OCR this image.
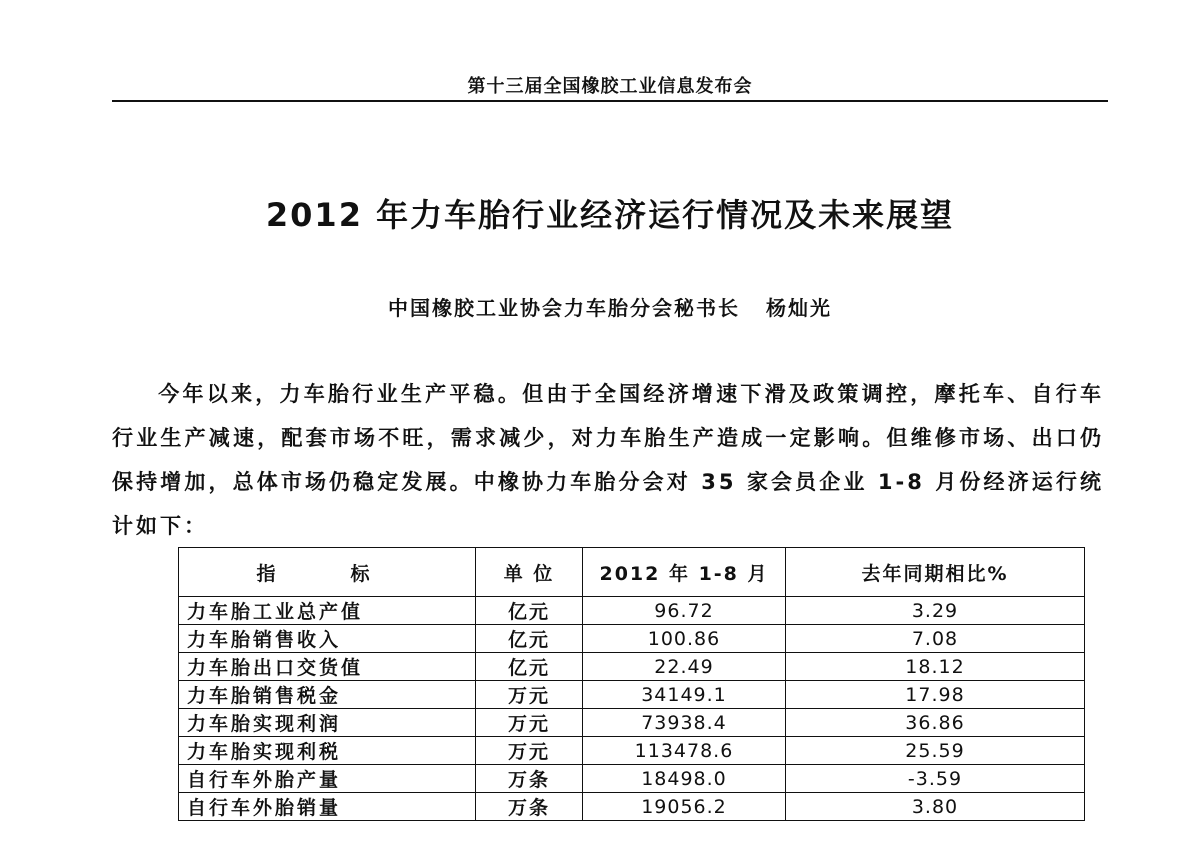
第十三届全国橡胶工业信息发布会
2012 年力车胎行业经济运行情况及未来展望
中国橡胶工业协会力车胎分会秘书长 杨灿光

今年以来，力车胎行业生产平稳。但由于全国经济增速下滑及政策调控，摩托车、自行车行业生产减速，配套市场不旺，需求减少，对力车胎生产造成一定影响。但维修市场、出口仍保持增加，总体市场仍稳定发展。中橡协力车胎分会对 35 家会员企业 1-8 月份经济运行统计如下：

指　标	单 位	2012 年 1-8 月	去年同期相比%
力车胎工业总产值	亿元	96.72	3.29
力车胎销售收入	亿元	100.86	7.08
力车胎出口交货值	亿元	22.49	18.12
力车胎销售税金	万元	34149.1	17.98
力车胎实现利润	万元	73938.4	36.86
力车胎实现利税	万元	113478.6	25.59
自行车外胎产量	万条	18498.0	-3.59
自行车外胎销量	万条	19056.2	3.80
